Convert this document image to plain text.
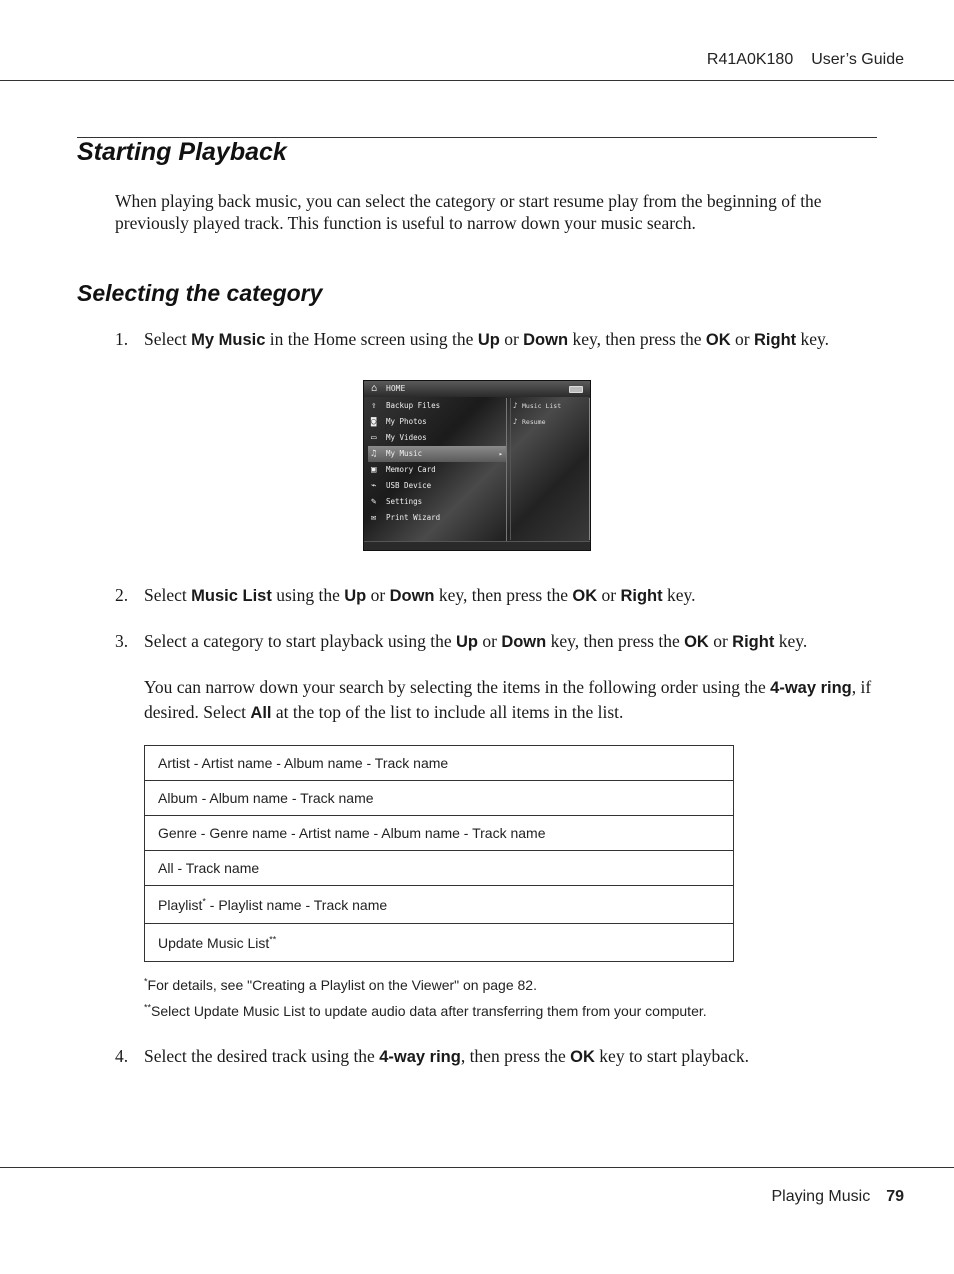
R41A0K180 User’s Guide
Starting Playback

When playing back music, you can select the category or start resume play from the beginning of the previously played track. This function is useful to narrow down your music search.

Selecting the category

1. Select My Music in the Home screen using the Up or Down key, then press the OK or Right key.

⌂ HOME
⇪ Backup Files
◙ My Photos
▭ My Videos
♫ My Music	▸
▣ Memory Card
⌁ USB Device
✎ Settings
✉ Print Wizard
♪ Music List
♪ Resume

2. Select Music List using the Up or Down key, then press the OK or Right key.

3. Select a category to start playback using the Up or Down key, then press the OK or Right key.

You can narrow down your search by selecting the items in the following order using the 4-way ring, if desired. Select All at the top of the list to include all items in the list.

Artist - Artist name - Album name - Track name
Album - Album name - Track name
Genre - Genre name - Artist name - Album name - Track name
All - Track name
Playlist* - Playlist name - Track name
Update Music List**
*For details, see "Creating a Playlist on the Viewer" on page 82.
**Select Update Music List to update audio data after transferring them from your computer.

4. Select the desired track using the 4-way ring, then press the OK key to start playback.

Playing Music 79
